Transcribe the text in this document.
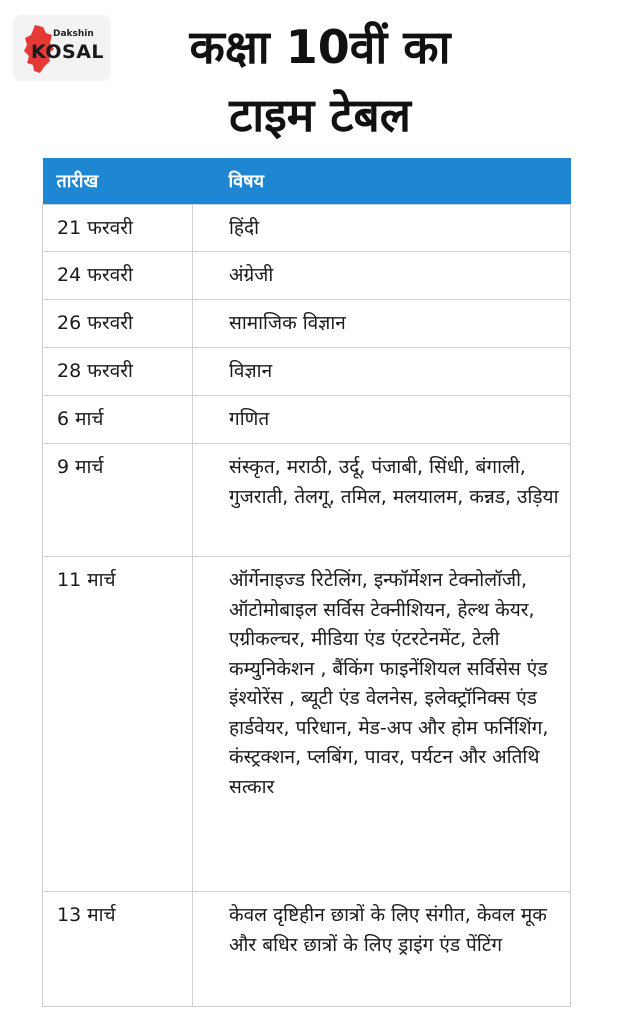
Dakshin
KOSAL	कक्षा 10वीं का
टाइम टेबल
तारीख	विषय
21 फरवरी	हिंदी
24 फरवरी	अंग्रेजी
26 फरवरी	सामाजिक विज्ञान
28 फरवरी	विज्ञान
6 मार्च	गणित
9 मार्च	संस्कृत, मराठी, उर्दू, पंजाबी, सिंधी, बंगाली, गुजराती, तेलगू, तमिल, मलयालम, कन्नड, उड़िया
11 मार्च	ऑर्गेनाइज्ड रिटेलिंग, इन्फॉर्मेशन टेक्नोलॉजी, ऑटोमोबाइल सर्विस टेक्नीशियन, हेल्थ केयर, एग्रीकल्चर, मीडिया एंड एंटरटेनमेंट, टेली कम्युनिकेशन , बैंकिंग फाइनेंशियल सर्विसेस एंड इंश्योरेंस , ब्यूटी एंड वेलनेस, इलेक्ट्रॉनिक्स एंड हार्डवेयर, परिधान, मेड-अप और होम फर्निशिंग, कंस्ट्रक्शन, प्लबिंग, पावर, पर्यटन और अतिथि सत्कार
13 मार्च	केवल दृष्टिहीन छात्रों के लिए संगीत, केवल मूक और बधिर छात्रों के लिए ड्राइंग एंड पेंटिंग
